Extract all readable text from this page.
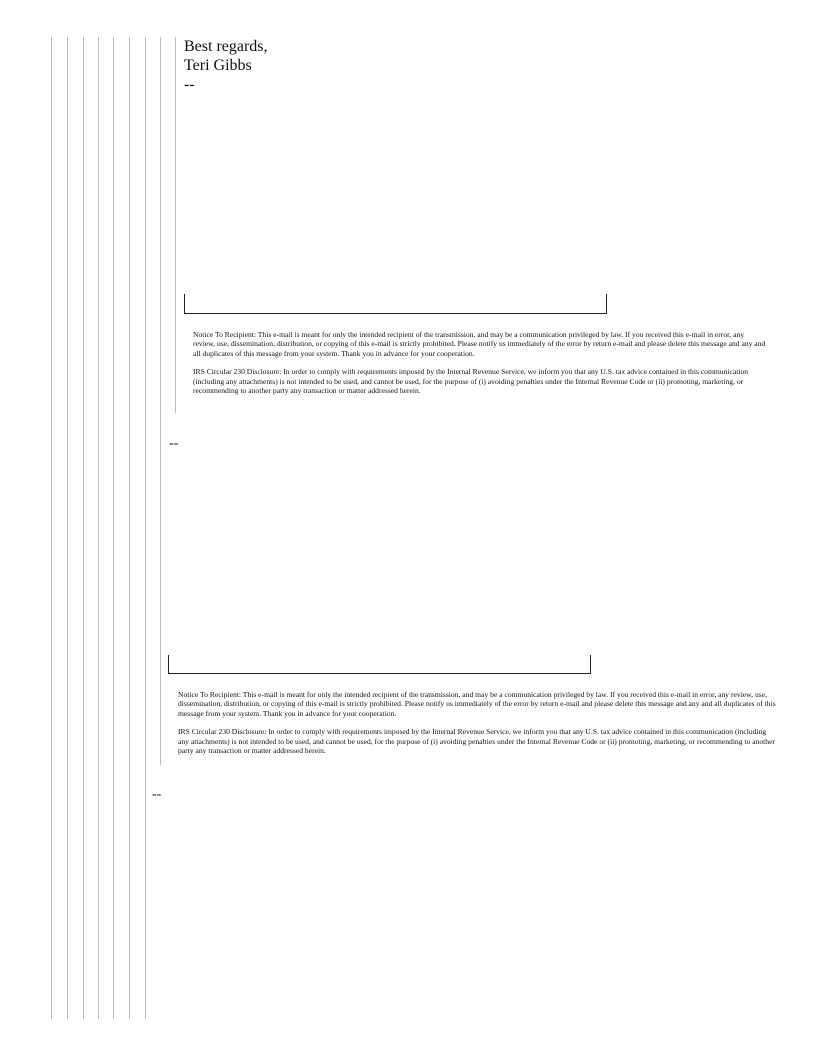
Best regards,
Teri Gibbs
--

Notice To Recipient: This e-mail is meant for only the intended recipient of the transmission, and may be a communication privileged by law. If you received this e-mail in error, any review, use, dissemination, distribution, or copying of this e-mail is strictly prohibited. Please notify us immediately of the error by return e-mail and please delete this message and any and all duplicates of this message from your system. Thank you in advance for your cooperation.

IRS Circular 230 Disclosure: In order to comply with requirements imposed by the Internal Revenue Service, we inform you that any U.S. tax advice contained in this communication (including any attachments) is not intended to be used, and cannot be used, for the purpose of (i) avoiding penalties under the Internal Revenue Code or (ii) promoting, marketing, or recommending to another party any transaction or matter addressed herein.

--

Notice To Recipient: This e-mail is meant for only the intended recipient of the transmission, and may be a communication privileged by law. If you received this e-mail in error, any review, use, dissemination, distribution, or copying of this e-mail is strictly prohibited. Please notify us immediately of the error by return e-mail and please delete this message and any and all duplicates of this message from your system. Thank you in advance for your cooperation.

IRS Circular 230 Disclosure: In order to comply with requirements imposed by the Internal Revenue Service, we inform you that any U.S. tax advice contained in this communication (including any attachments) is not intended to be used, and cannot be used, for the purpose of (i) avoiding penalties under the Internal Revenue Code or (ii) promoting, marketing, or recommending to another party any transaction or matter addressed herein.

--
